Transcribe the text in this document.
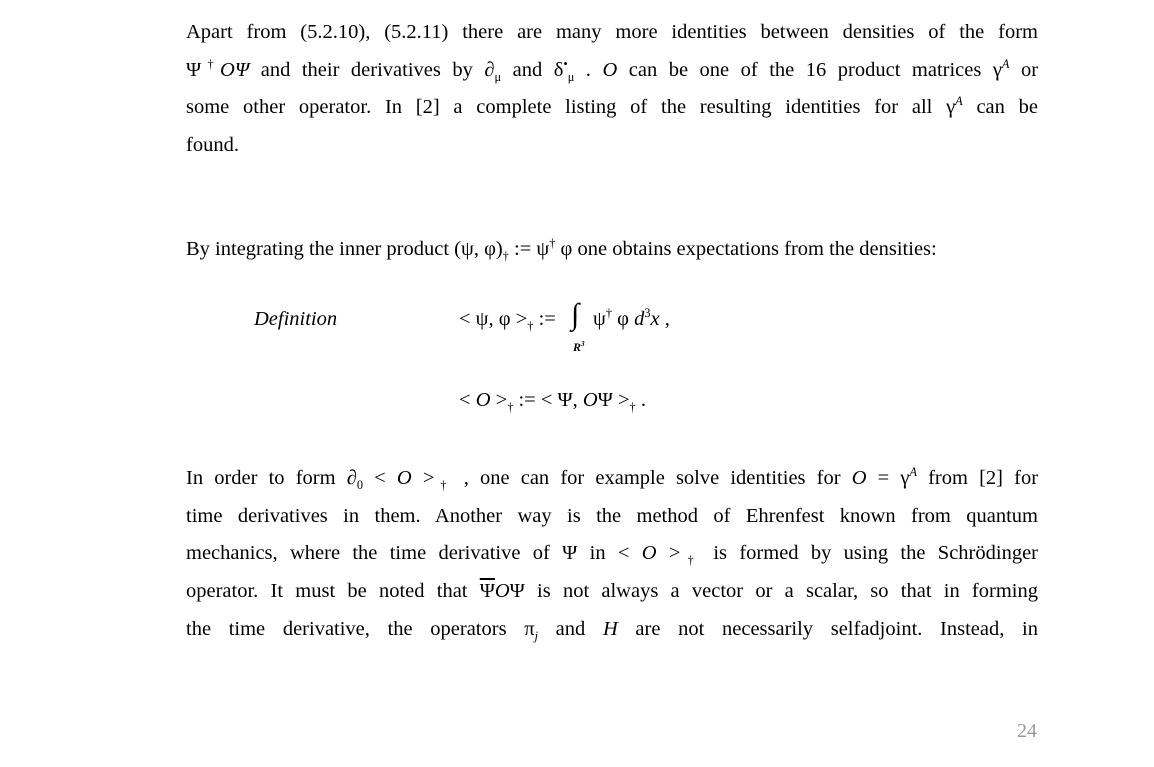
Apart from (5.2.10), (5.2.11) there are many more identities between densities of the form
Ψ†OΨ and their derivatives by $\partial_\mu$ and $\delta^•_\mu$ . O can be one of the 16 product matrices $\gamma^A$ or
some other operator. In [2] a complete listing of the resulting identities for all $\gamma^A$ can be
found.
By integrating the inner product (ψ, $\varphi)_\dagger$ := ψ† φ one obtains expectations from the densities:
Definition	< ψ, $\varphi >_\dagger$ := ∫
$R^3$
ψ† φ $d^3x$ ,
< $O >_\dagger$ := < Ψ, $O\Psi >_\dagger$ .
In order to form $\partial_0 < O >_\dagger$ , one can for example solve identities for $O = \gamma^A$ from [2] for
time derivatives in them. Another way is the method of Ehrenfest known from quantum
mechanics, where the time derivative of Ψ in < $O >_\dagger$ is formed by using the Schrödinger
operator. It must be noted that $\overline{\Psi}O\Psi$ is not always a vector or a scalar, so that in forming
the time derivative, the operators $\pi_j$ and H are not necessarily selfadjoint. Instead, in
24
